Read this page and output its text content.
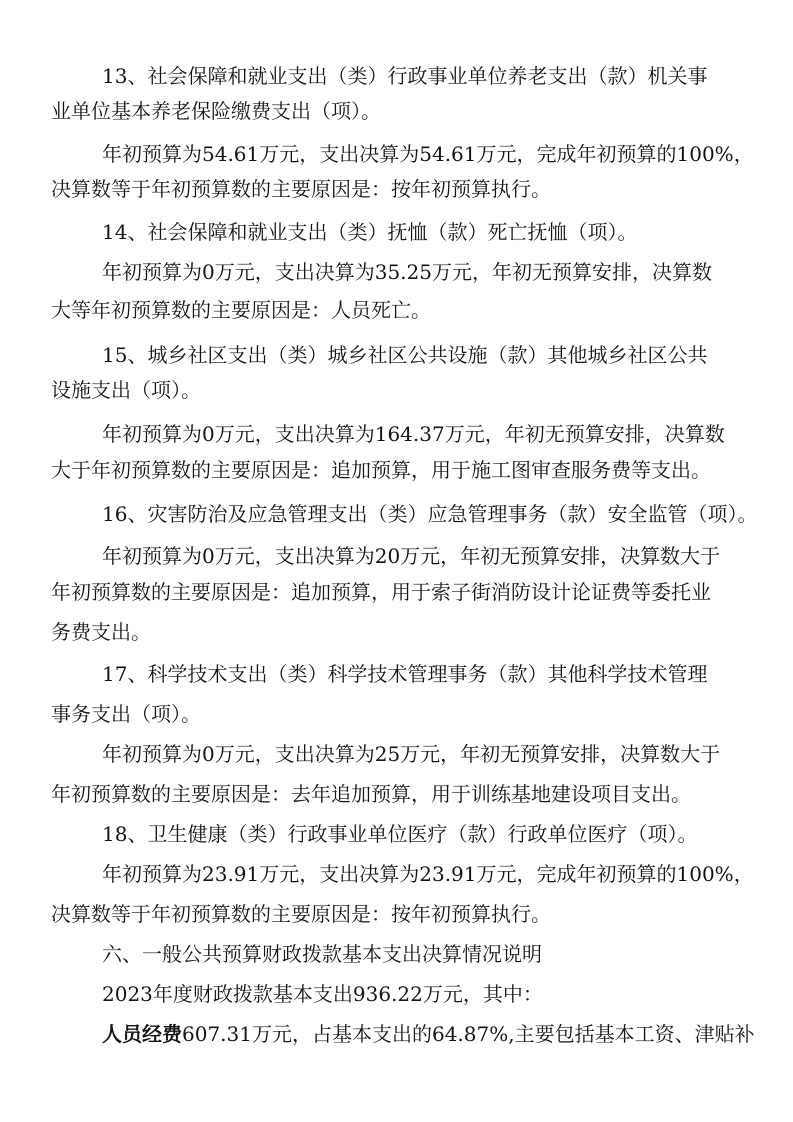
13、社会保障和就业支出（类）行政事业单位养老支出（款）机关事
业单位基本养老保险缴费支出（项）。
年初预算为54.61万元，支出决算为54.61万元，完成年初预算的100%，
决算数等于年初预算数的主要原因是：按年初预算执行。
14、社会保障和就业支出（类）抚恤（款）死亡抚恤（项）。
年初预算为0万元，支出决算为35.25万元，年初无预算安排，决算数
大等年初预算数的主要原因是：人员死亡。
15、城乡社区支出（类）城乡社区公共设施（款）其他城乡社区公共
设施支出（项）。
年初预算为0万元，支出决算为164.37万元，年初无预算安排，决算数
大于年初预算数的主要原因是：追加预算，用于施工图审查服务费等支出。
16、灾害防治及应急管理支出（类）应急管理事务（款）安全监管（项）。
年初预算为0万元，支出决算为20万元，年初无预算安排，决算数大于
年初预算数的主要原因是：追加预算，用于索子街消防设计论证费等委托业
务费支出。
17、科学技术支出（类）科学技术管理事务（款）其他科学技术管理
事务支出（项）。
年初预算为0万元，支出决算为25万元，年初无预算安排，决算数大于
年初预算数的主要原因是：去年追加预算，用于训练基地建设项目支出。
18、卫生健康（类）行政事业单位医疗（款）行政单位医疗（项）。
年初预算为23.91万元，支出决算为23.91万元，完成年初预算的100%，
决算数等于年初预算数的主要原因是：按年初预算执行。
六、一般公共预算财政拨款基本支出决算情况说明
2023年度财政拨款基本支出936.22万元，其中：
人员经费607.31万元，占基本支出的64.87%,主要包括基本工资、津贴补
